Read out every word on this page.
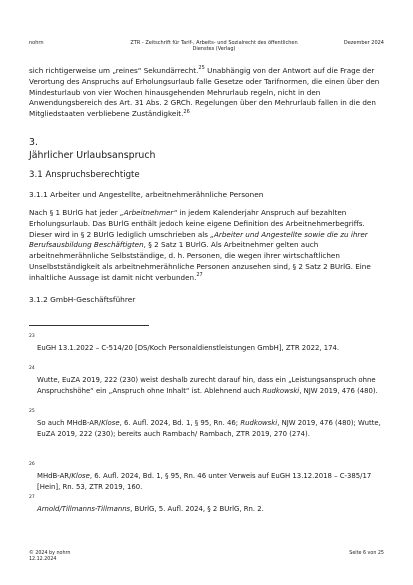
nohrn	ZTR - Zeitschrift für Tarif-, Arbeits- und Sozialrecht des öffentlichen Dienstes (Verlag)
Dezember 2024
sich richtigerweise um „reines“ Sekundärrecht.$^{25}$ Unabhängig von der Antwort auf die Frage der Verortung des Anspruchs auf Erholungsurlaub falle Gesetze oder Tarifnormen, die einen über den Mindesturlaub von vier Wochen hinausgehenden Mehrurlaub regeln, nicht in den Anwendungsbereich des Art. 31 Abs. 2 GRCh. Regelungen über den Mehrurlaub fallen in die den Mitgliedstaaten verbliebene Zuständigkeit.$^{26}$
3.
Jährlicher Urlaubsanspruch
3.1 Anspruchsberechtigte
3.1.1 Arbeiter und Angestellte, arbeitnehmerähnliche Personen
Nach § 1 BUrlG hat jeder „Arbeitnehmer“ in jedem Kalenderjahr Anspruch auf bezahlten Erholungsurlaub. Das BUrlG enthält jedoch keine eigene Definition des Arbeitnehmerbegriffs. Dieser wird in § 2 BUrlG lediglich umschrieben als „Arbeiter und Angestellte sowie die zu ihrer Berufsausbildung Beschäftigten, § 2 Satz 1 BUrlG. Als Arbeitnehmer gelten auch arbeitnehmerähnliche Selbstständige, d. h. Personen, die wegen ihrer wirtschaftlichen Unselbstständigkeit als arbeitnehmerähnliche Personen anzusehen sind, § 2 Satz 2 BUrlG. Eine inhaltliche Aussage ist damit nicht verbunden.$^{27}$
3.1.2 GmbH-Geschäftsführer
23
EuGH 13.1.2022 – C-514/20 [DS/Koch Personaldienstleistungen GmbH], ZTR 2022, 174.
24
Wutte, EuZA 2019, 222 (230) weist deshalb zurecht darauf hin, dass ein „Leistungsanspruch ohne Anspruchshöhe“ ein „Anspruch ohne Inhalt“ ist. Ablehnend auch Rudkowski, NJW 2019, 476 (480).
25
So auch MHdB-AR/Klose, 6. Aufl. 2024, Bd. 1, § 95, Rn. 46; Rudkowski, NJW 2019, 476 (480); Wutte, EuZA 2019, 222 (230); bereits auch Rambach/ Rambach, ZTR 2019, 270 (274).
26
MHdB-AR/Klose, 6. Aufl. 2024, Bd. 1, § 95, Rn. 46 unter Verweis auf EuGH 13.12.2018 – C-385/17 [Hein], Rn. 53, ZTR 2019, 160.
27
Arnold/Tillmanns-Tillmanns, BUrlG, 5. Aufl. 2024, § 2 BUrlG, Rn. 2.
© 2024 by nohrn
12.12.2024
Seite 6 von 25
